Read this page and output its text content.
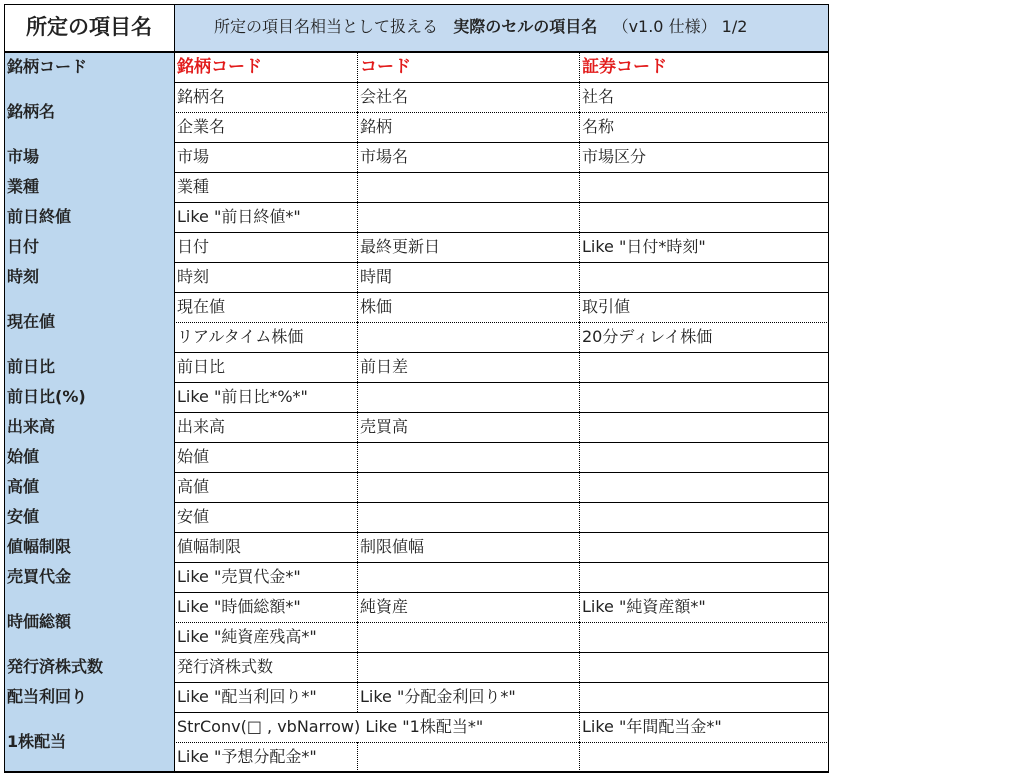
所定の項目名	所定の項目名相当として扱える 実際のセルの項目名 （v1.0 仕様） 1/2
銘柄コード	銘柄コード	コード	証券コード
銘柄名
銘柄名	会社名	社名
企業名	銘柄	名称
市場	市場	市場名	市場区分
業種	業種
前日終値	Like "前日終値*"
日付	日付	最終更新日	Like "日付*時刻"
時刻	時刻	時間
現在値
現在値	株価	取引値
リアルタイム株価	20分ディレイ株価
前日比	前日比	前日差
前日比(%)	Like "前日比*%*"
出来高	出来高	売買高
始値	始値
高値	高値
安値	安値
値幅制限	値幅制限	制限値幅
売買代金	Like "売買代金*"
時価総額
Like "時価総額*"	純資産	Like "純資産額*"
Like "純資産残高*"
発行済株式数	発行済株式数
配当利回り	Like "配当利回り*"	Like "分配金利回り*"
1株配当
StrConv(□ , vbNarrow) Like "1株配当*"	Like "年間配当金*"
Like "予想分配金*"
